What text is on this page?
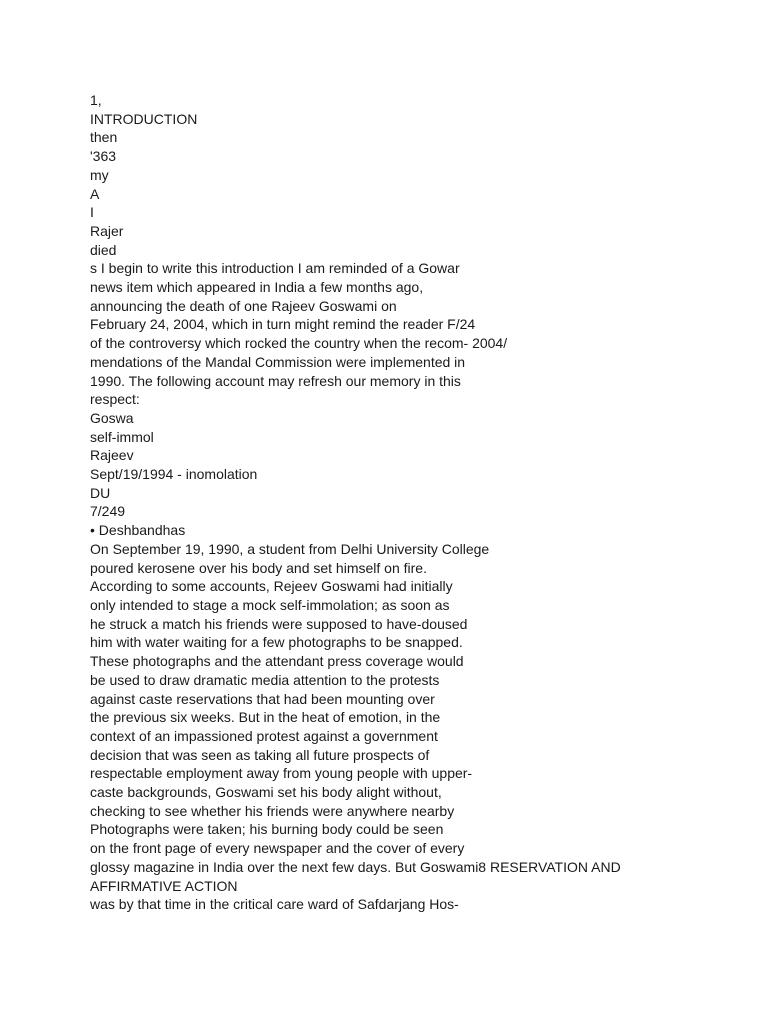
1,
INTRODUCTION
then
'363
my
A
I
Rajer
died
s I begin to write this introduction I am reminded of a Gowar
news item which appeared in India a few months ago,
announcing the death of one Rajeev Goswami on
February 24, 2004, which in turn might remind the reader F/24
of the controversy which rocked the country when the recom- 2004/
mendations of the Mandal Commission were implemented in
1990. The following account may refresh our memory in this
respect:
Goswa
self-immol
Rajeev
Sept/19/1994 - inomolation
DU
7/249
• Deshbandhas
On September 19, 1990, a student from Delhi University College
poured kerosene over his body and set himself on fire.
According to some accounts, Rejeev Goswami had initially
only intended to stage a mock self-immolation; as soon as
he struck a match his friends were supposed to have-doused
him with water waiting for a few photographs to be snapped.
These photographs and the attendant press coverage would
be used to draw dramatic media attention to the protests
against caste reservations that had been mounting over
the previous six weeks. But in the heat of emotion, in the
context of an impassioned protest against a government
decision that was seen as taking all future prospects of
respectable employment away from young people with upper-
caste backgrounds, Goswami set his body alight without,
checking to see whether his friends were anywhere nearby
Photographs were taken; his burning body could be seen
on the front page of every newspaper and the cover of every
glossy magazine in India over the next few days. But Goswami8 RESERVATION AND
AFFIRMATIVE ACTION
was by that time in the critical care ward of Safdarjang Hos-
